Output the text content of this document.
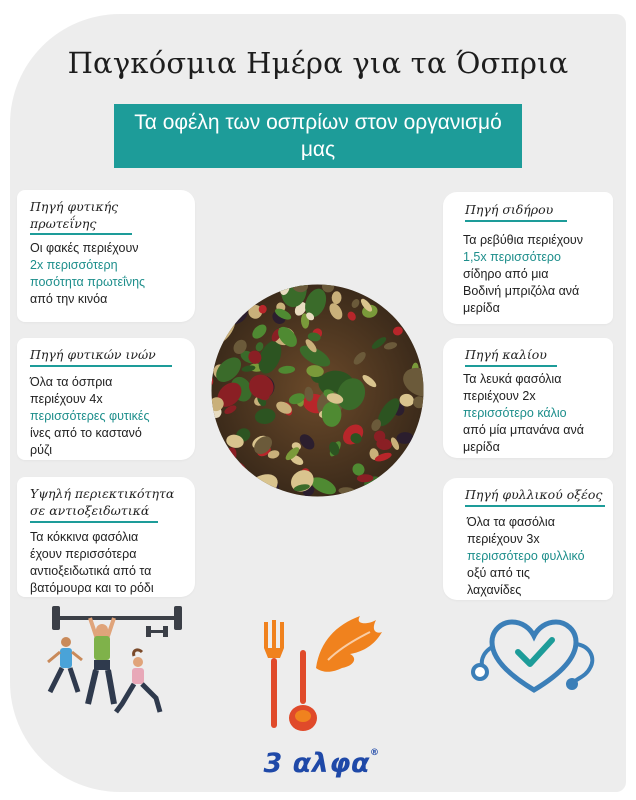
Παγκόσμια Ημέρα για τα Όσπρια
Τα οφέλη των οσπρίων στον οργανισμό μας
Πηγή φυτικής
πρωτεΐνης
Οι φακές περιέχουν
2x περισσότερη
ποσότητα πρωτεΐνης
από την κινόα
Πηγή φυτικών ινών
Όλα τα όσπρια
περιέχουν 4x
περισσότερες φυτικές
ίνες από το καστανό
ρύζι
Υψηλή περιεκτικότητα
σε αντιοξειδωτικά
Τα κόκκινα φασόλια
έχουν περισσότερα
αντιοξειδωτικά από τα
βατόμουρα και το ρόδι
Πηγή σιδήρου
Τα ρεβύθια περιέχουν
1,5x περισσότερο
σίδηρο από μια
Βοδινή μπριζόλα ανά
μερίδα
Πηγή καλίου
Τα λευκά φασόλια
περιέχουν 2x
περισσότερο κάλιο
από μία μπανάνα ανά
μερίδα
Πηγή φυλλικού οξέος
Όλα τα φασόλια
περιέχουν 3x
περισσότερο φυλλικό
οξύ από τις
λαχανίδες
3 αλφα®
